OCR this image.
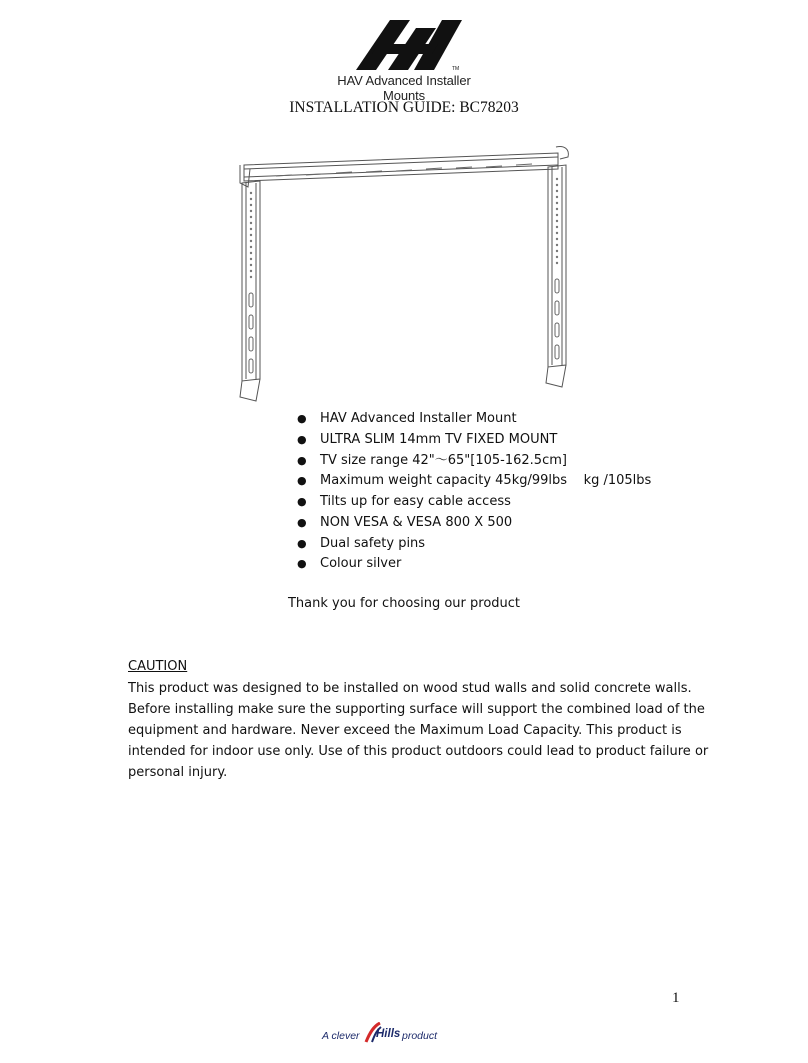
TM
HAV Advanced Installer Mounts
INSTALLATION GUIDE: BC78203
● HAV Advanced Installer Mount
● ULTRA SLIM 14mm TV FIXED MOUNT
● TV size range 42"～65"[105-162.5cm]
● Maximum weight capacity 45kg/99lbs    kg /105lbs
● Tilts up for easy cable access
● NON VESA & VESA 800 X 500
● Dual safety pins
● Colour silver
Thank you for choosing our product
CAUTION
This product was designed to be installed on wood stud walls and solid concrete walls.
Before installing make sure the supporting surface will support the combined load of the
equipment and hardware. Never exceed the Maximum Load Capacity. This product is
intended for indoor use only. Use of this product outdoors could lead to product failure or
personal injury.
1
A clever Hills product
